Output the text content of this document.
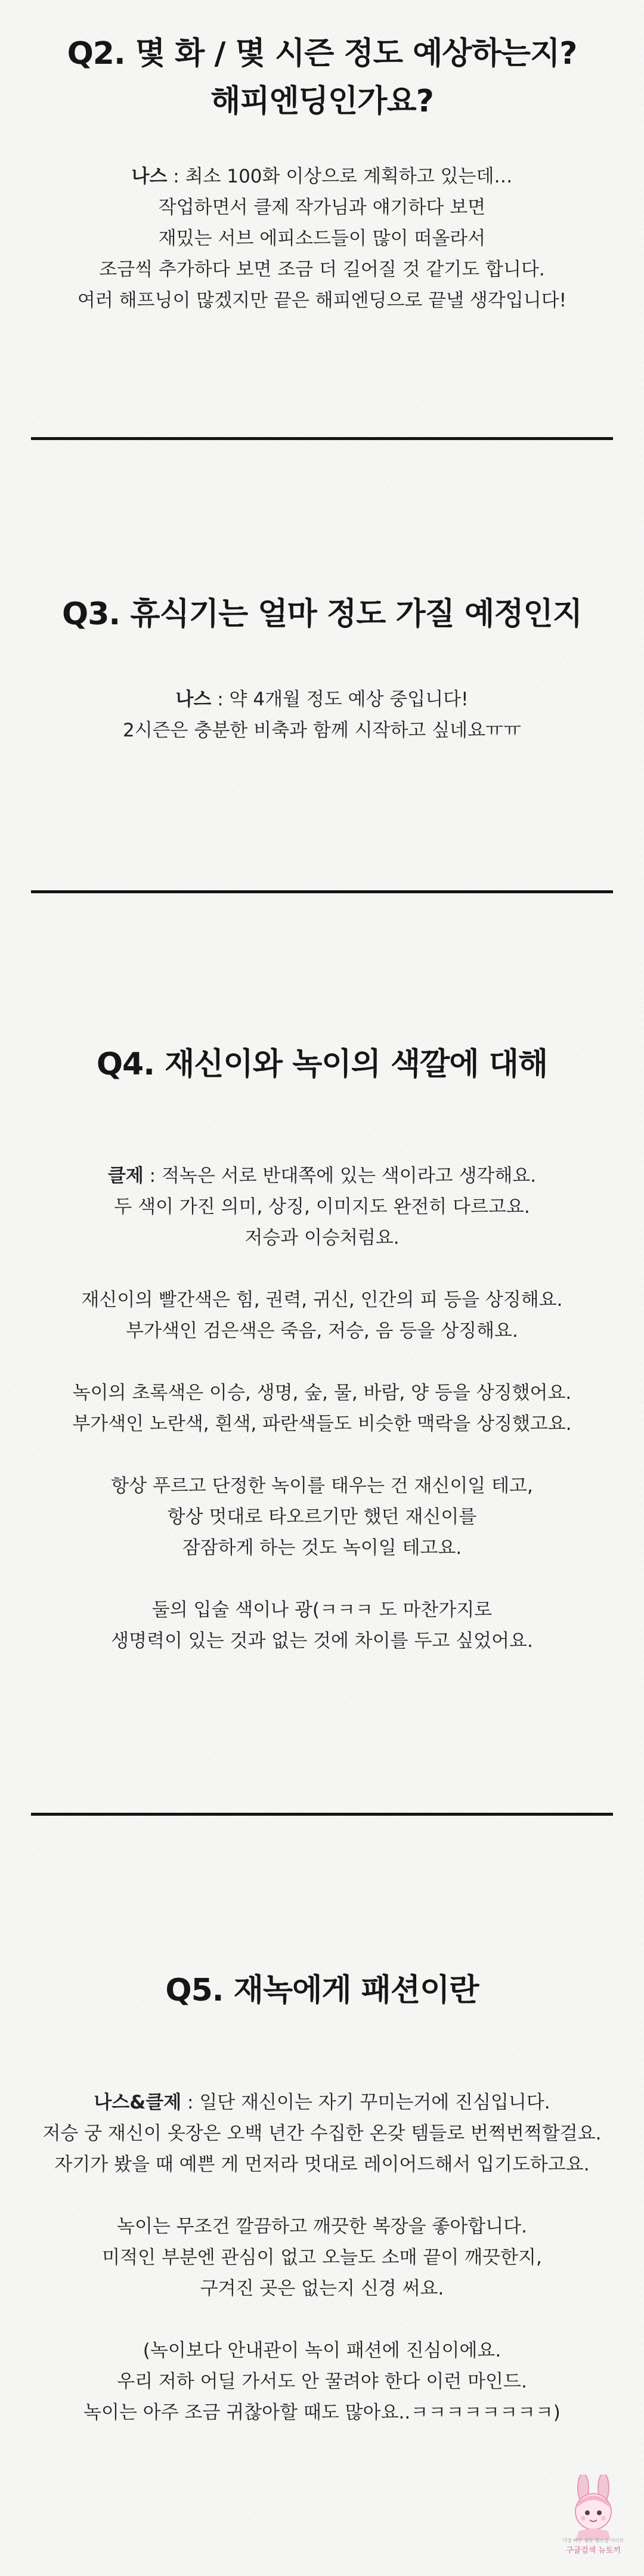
Q2. 몇 화 / 몇 시즌 정도 예상하는지?
해피엔딩인가요?
나스 : 최소 100화 이상으로 계획하고 있는데…
작업하면서 클제 작가님과 얘기하다 보면
재밌는 서브 에피소드들이 많이 떠올라서
조금씩 추가하다 보면 조금 더 길어질 것 같기도 합니다.
여러 해프닝이 많겠지만 끝은 해피엔딩으로 끝낼 생각입니다!
Q3. 휴식기는 얼마 정도 가질 예정인지
나스 : 약 4개월 정도 예상 중입니다!
2시즌은 충분한 비축과 함께 시작하고 싶네요ㅠㅠ
Q4. 재신이와 녹이의 색깔에 대해
클제 : 적녹은 서로 반대쪽에 있는 색이라고 생각해요.
두 색이 가진 의미, 상징, 이미지도 완전히 다르고요.
저승과 이승처럼요.
재신이의 빨간색은 힘, 권력, 귀신, 인간의 피 등을 상징해요.
부가색인 검은색은 죽음, 저승, 음 등을 상징해요.
녹이의 초록색은 이승, 생명, 숲, 물, 바람, 양 등을 상징했어요.
부가색인 노란색, 흰색, 파란색들도 비슷한 맥락을 상징했고요.
항상 푸르고 단정한 녹이를 태우는 건 재신이일 테고,
항상 멋대로 타오르기만 했던 재신이를
잠잠하게 하는 것도 녹이일 테고요.
둘의 입술 색이나 광(ㅋㅋㅋ 도 마찬가지로
생명력이 있는 것과 없는 것에 차이를 두고 싶었어요.
Q5. 재녹에게 패션이란
나스&클제 : 일단 재신이는 자기 꾸미는거에 진심입니다.
저승 궁 재신이 옷장은 오백 년간 수집한 온갖 템들로 번쩍번쩍할걸요.
자기가 봤을 때 예쁜 게 먼저라 멋대로 레이어드해서 입기도하고요.
녹이는 무조건 깔끔하고 깨끗한 복장을 좋아합니다.
미적인 부분엔 관심이 없고 오늘도 소매 끝이 깨끗한지,
구겨진 곳은 없는지 신경 써요.
(녹이보다 안내관이 녹이 패션에 진심이에요.
우리 저하 어딜 가서도 안 꿀려야 한다 이런 마인드.
녹이는 아주 조금 귀찮아할 때도 많아요..ㅋㅋㅋㅋㅋㅋㅋㅋ)
가장 빠른 웹툰 웹소설 사이트
구글검색 뉴토끼
